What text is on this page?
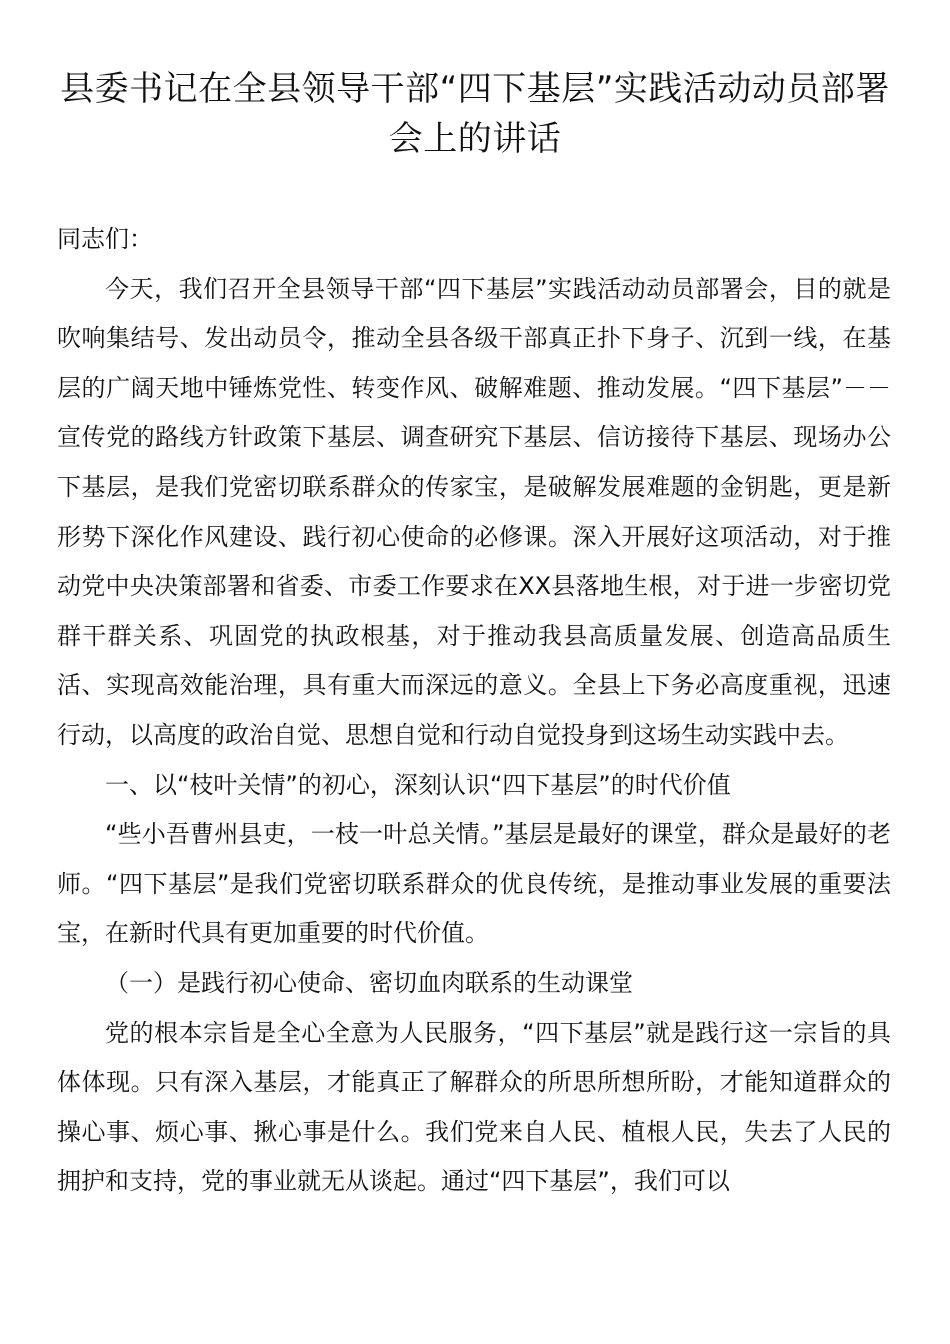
县委书记在全县领导干部“四下基层”实践活动动员部署会上的讲话

同志们：

今天，我们召开全县领导干部“四下基层”实践活动动员部署会，目的就是吹响集结号、发出动员令，推动全县各级干部真正扑下身子、沉到一线，在基层的广阔天地中锤炼党性、转变作风、破解难题、推动发展。“四下基层”－－宣传党的路线方针政策下基层、调查研究下基层、信访接待下基层、现场办公下基层，是我们党密切联系群众的传家宝，是破解发展难题的金钥匙，更是新形势下深化作风建设、践行初心使命的必修课。深入开展好这项活动，对于推动党中央决策部署和省委、市委工作要求在XX县落地生根，对于进一步密切党群干群关系、巩固党的执政根基，对于推动我县高质量发展、创造高品质生活、实现高效能治理，具有重大而深远的意义。全县上下务必高度重视，迅速行动，以高度的政治自觉、思想自觉和行动自觉投身到这场生动实践中去。

一、以“枝叶关情”的初心，深刻认识“四下基层”的时代价值

“些小吾曹州县吏，一枝一叶总关情。”基层是最好的课堂，群众是最好的老师。“四下基层”是我们党密切联系群众的优良传统，是推动事业发展的重要法宝，在新时代具有更加重要的时代价值。

（一）是践行初心使命、密切血肉联系的生动课堂

党的根本宗旨是全心全意为人民服务，“四下基层”就是践行这一宗旨的具体体现。只有深入基层，才能真正了解群众的所思所想所盼，才能知道群众的操心事、烦心事、揪心事是什么。我们党来自人民、植根人民，失去了人民的拥护和支持，党的事业就无从谈起。通过“四下基层”，我们可以
